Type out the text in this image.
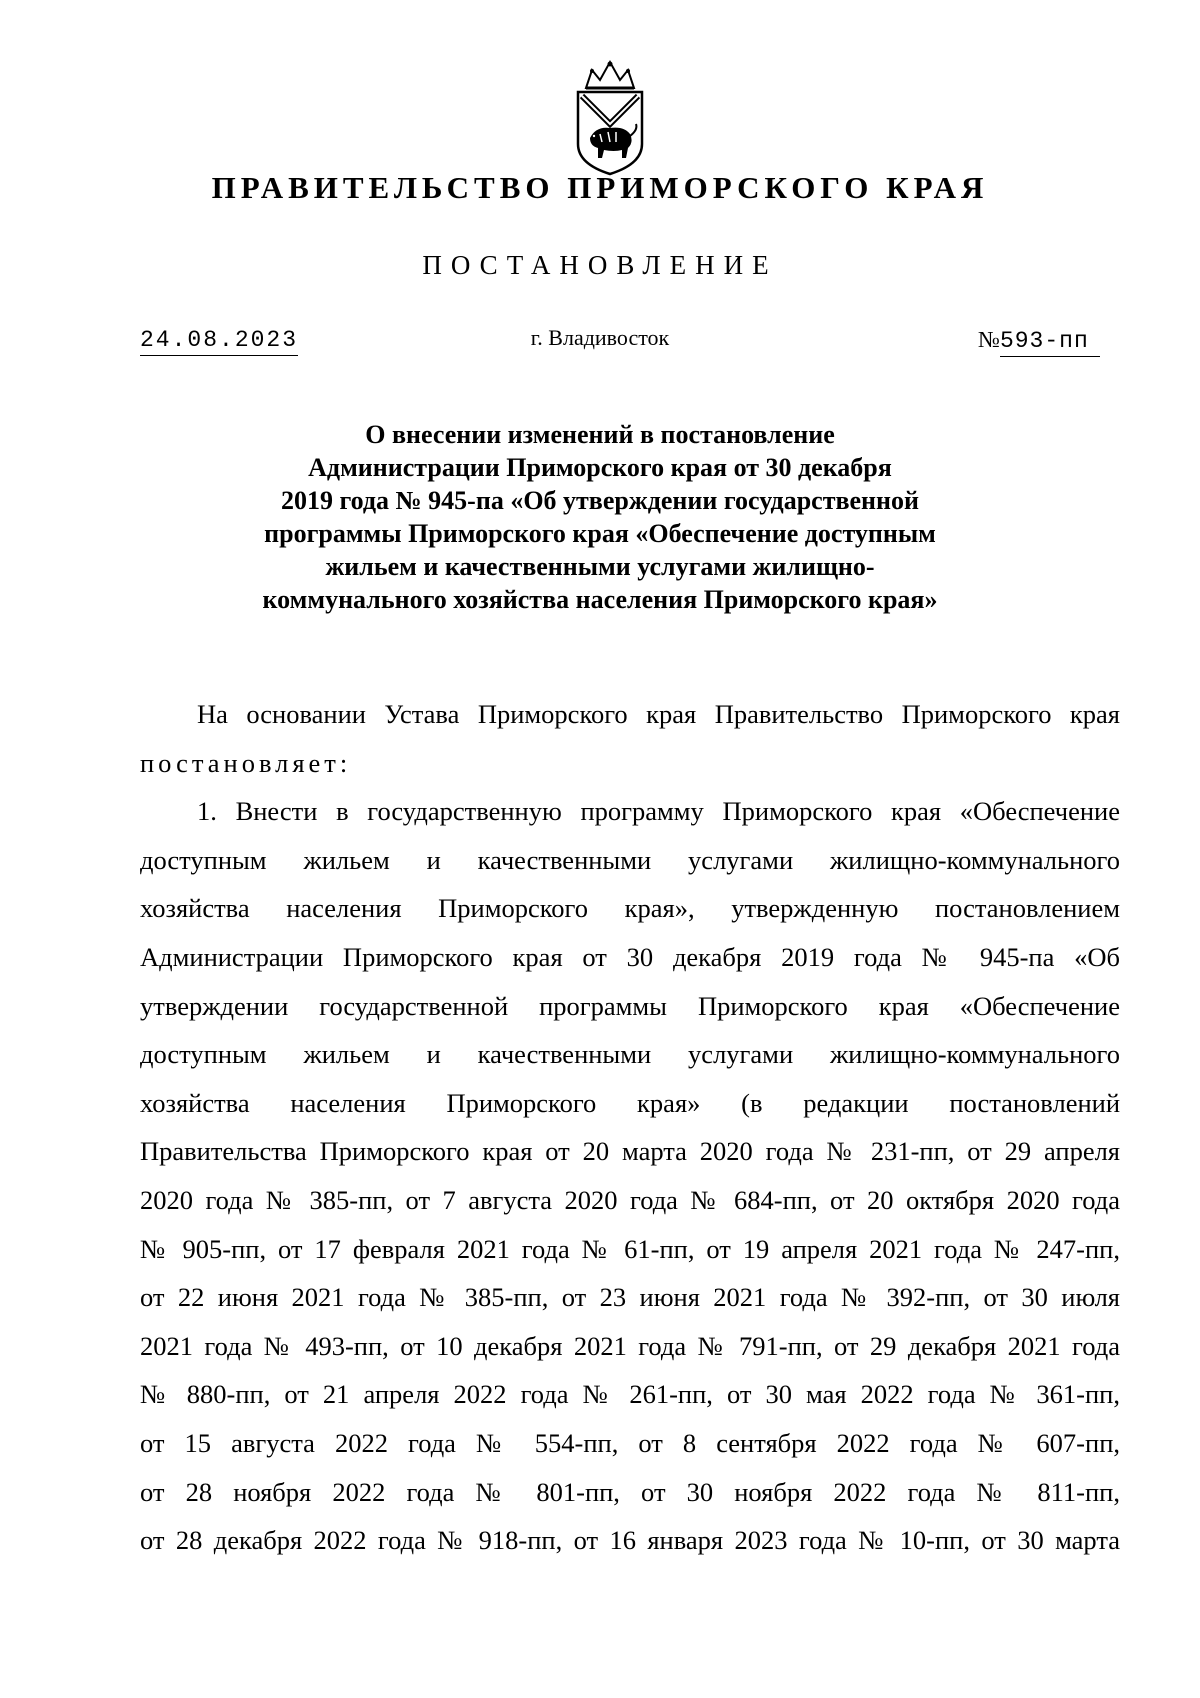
ПРАВИТЕЛЬСТВО ПРИМОРСКОГО КРАЯ
ПОСТАНОВЛЕНИЕ
24.08.2023	г. Владивосток	№593-пп
О внесении изменений в постановление
Администрации Приморского края от 30 декабря
2019 года № 945-па «Об утверждении государственной
программы Приморского края «Обеспечение доступным
жильем и качественными услугами жилищно-
коммунального хозяйства населения Приморского края»
На основании Устава Приморского края Правительство Приморского края
постановляет:
1. Внести в государственную программу Приморского края «Обеспечение
доступным жильем и качественными услугами жилищно-коммунального
хозяйства населения Приморского края», утвержденную постановлением
Администрации Приморского края от 30 декабря 2019 года № 945-па «Об
утверждении государственной программы Приморского края «Обеспечение
доступным жильем и качественными услугами жилищно-коммунального
хозяйства населения Приморского края» (в редакции постановлений
Правительства Приморского края от 20 марта 2020 года № 231-пп, от 29 апреля
2020 года № 385-пп, от 7 августа 2020 года № 684-пп, от 20 октября 2020 года
№ 905-пп, от 17 февраля 2021 года № 61-пп, от 19 апреля 2021 года № 247-пп,
от 22 июня 2021 года № 385-пп, от 23 июня 2021 года № 392-пп, от 30 июля
2021 года № 493-пп, от 10 декабря 2021 года № 791-пп, от 29 декабря 2021 года
№ 880-пп, от 21 апреля 2022 года № 261-пп, от 30 мая 2022 года № 361-пп,
от 15 августа 2022 года № 554-пп, от 8 сентября 2022 года № 607-пп,
от 28 ноября 2022 года № 801-пп, от 30 ноября 2022 года № 811-пп,
от 28 декабря 2022 года № 918-пп, от 16 января 2023 года № 10-пп, от 30 марта
